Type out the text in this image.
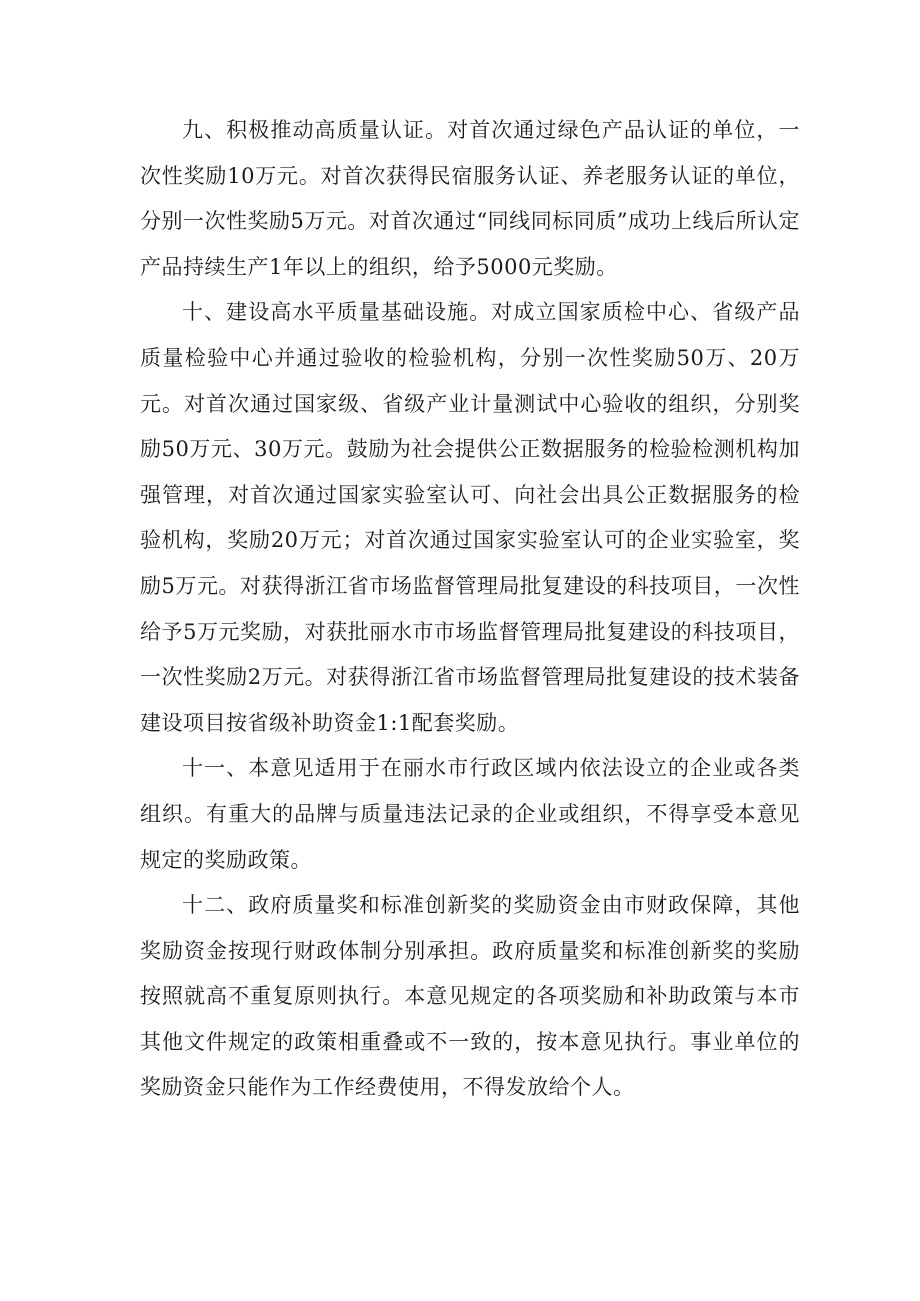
九、积极推动高质量认证。对首次通过绿色产品认证的单位，一次性奖励10万元。对首次获得民宿服务认证、养老服务认证的单位，分别一次性奖励5万元。对首次通过“同线同标同质”成功上线后所认定产品持续生产1年以上的组织，给予5000元奖励。

十、建设高水平质量基础设施。对成立国家质检中心、省级产品质量检验中心并通过验收的检验机构，分别一次性奖励50万、20万元。对首次通过国家级、省级产业计量测试中心验收的组织，分别奖励50万元、30万元。鼓励为社会提供公正数据服务的检验检测机构加强管理，对首次通过国家实验室认可、向社会出具公正数据服务的检验机构，奖励20万元；对首次通过国家实验室认可的企业实验室，奖励5万元。对获得浙江省市场监督管理局批复建设的科技项目，一次性给予5万元奖励，对获批丽水市市场监督管理局批复建设的科技项目，一次性奖励2万元。对获得浙江省市场监督管理局批复建设的技术装备建设项目按省级补助资金1:1配套奖励。

十一、本意见适用于在丽水市行政区域内依法设立的企业或各类组织。有重大的品牌与质量违法记录的企业或组织，不得享受本意见规定的奖励政策。

十二、政府质量奖和标准创新奖的奖励资金由市财政保障，其他奖励资金按现行财政体制分别承担。政府质量奖和标准创新奖的奖励按照就高不重复原则执行。本意见规定的各项奖励和补助政策与本市其他文件规定的政策相重叠或不一致的，按本意见执行。事业单位的奖励资金只能作为工作经费使用，不得发放给个人。
